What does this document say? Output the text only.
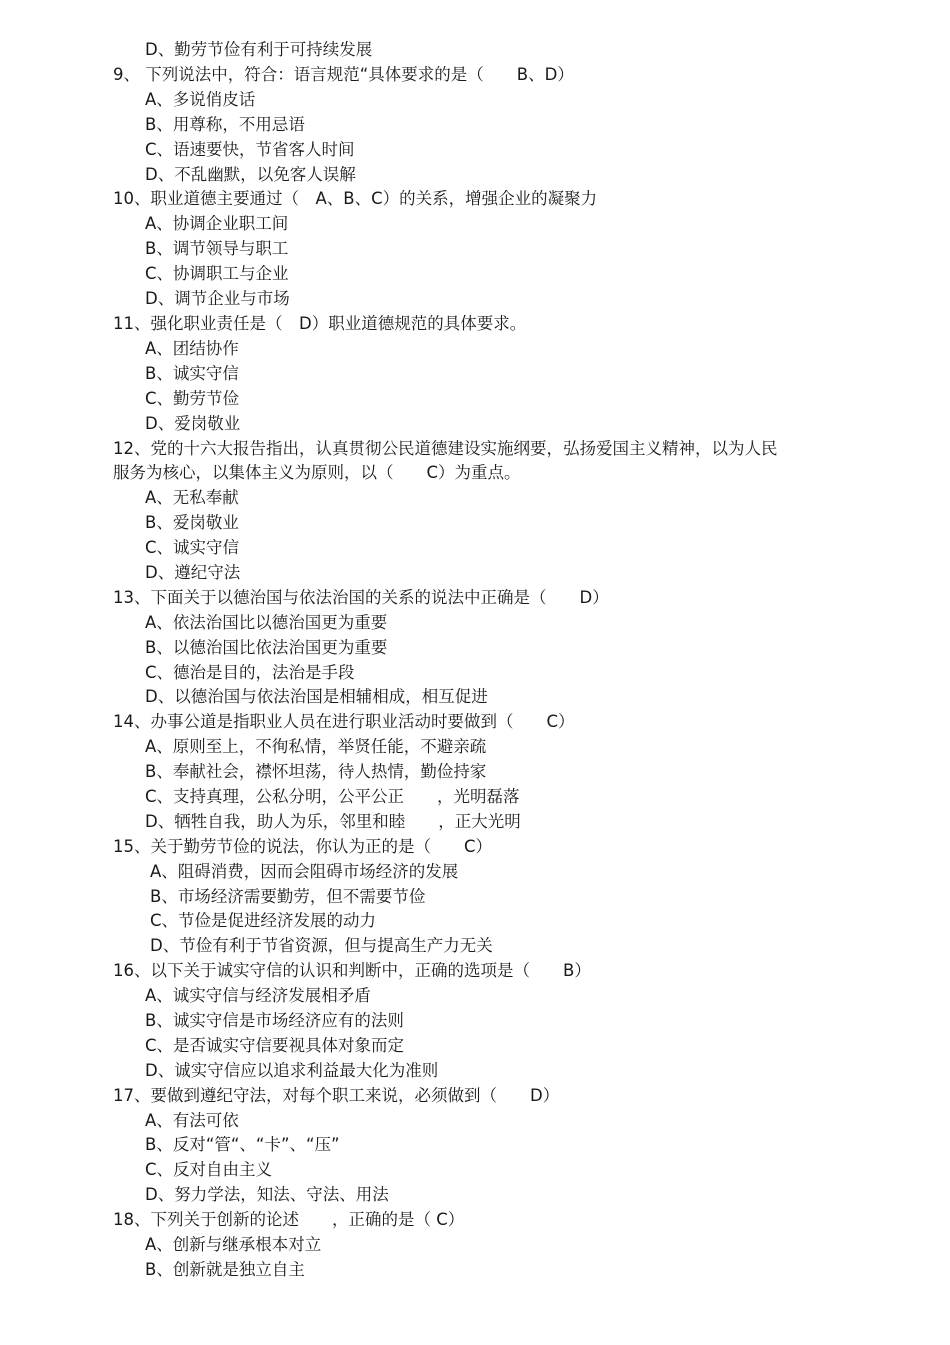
D、勤劳节俭有利于可持续发展
9、 下列说法中，符合：语言规范“具体要求的是（　　B、D）
A、多说俏皮话
B、用尊称，不用忌语
C、语速要快，节省客人时间
D、不乱幽默，以免客人误解
10、职业道德主要通过（　A、B、C）的关系，增强企业的凝聚力
A、协调企业职工间
B、调节领导与职工
C、协调职工与企业
D、调节企业与市场
11、强化职业责任是（　D）职业道德规范的具体要求。
A、团结协作
B、诚实守信
C、勤劳节俭
D、爱岗敬业
12、党的十六大报告指出，认真贯彻公民道德建设实施纲要，弘扬爱国主义精神，以为人民
服务为核心，以集体主义为原则，以（　　C）为重点。
A、无私奉献
B、爱岗敬业
C、诚实守信
D、遵纪守法
13、下面关于以德治国与依法治国的关系的说法中正确是（　　D）
A、依法治国比以德治国更为重要
B、以德治国比依法治国更为重要
C、德治是目的，法治是手段
D、以德治国与依法治国是相辅相成，相互促进
14、办事公道是指职业人员在进行职业活动时要做到（　　C）
A、原则至上，不徇私情，举贤任能，不避亲疏
B、奉献社会，襟怀坦荡，待人热情，勤俭持家
C、支持真理，公私分明，公平公正　　，光明磊落
D、牺牲自我，助人为乐，邻里和睦　　，正大光明
15、关于勤劳节俭的说法，你认为正的是（　　C）
A、阻碍消费，因而会阻碍市场经济的发展
B、市场经济需要勤劳，但不需要节俭
C、节俭是促进经济发展的动力
D、节俭有利于节省资源，但与提高生产力无关
16、以下关于诚实守信的认识和判断中，正确的选项是（　　B）
A、诚实守信与经济发展相矛盾
B、诚实守信是市场经济应有的法则
C、是否诚实守信要视具体对象而定
D、诚实守信应以追求利益最大化为准则
17、要做到遵纪守法，对每个职工来说，必须做到（　　D）
A、有法可依
B、反对“管“、“卡”、“压”
C、反对自由主义
D、努力学法，知法、守法、用法
18、下列关于创新的论述　　，正确的是（ C）
A、创新与继承根本对立
B、创新就是独立自主
